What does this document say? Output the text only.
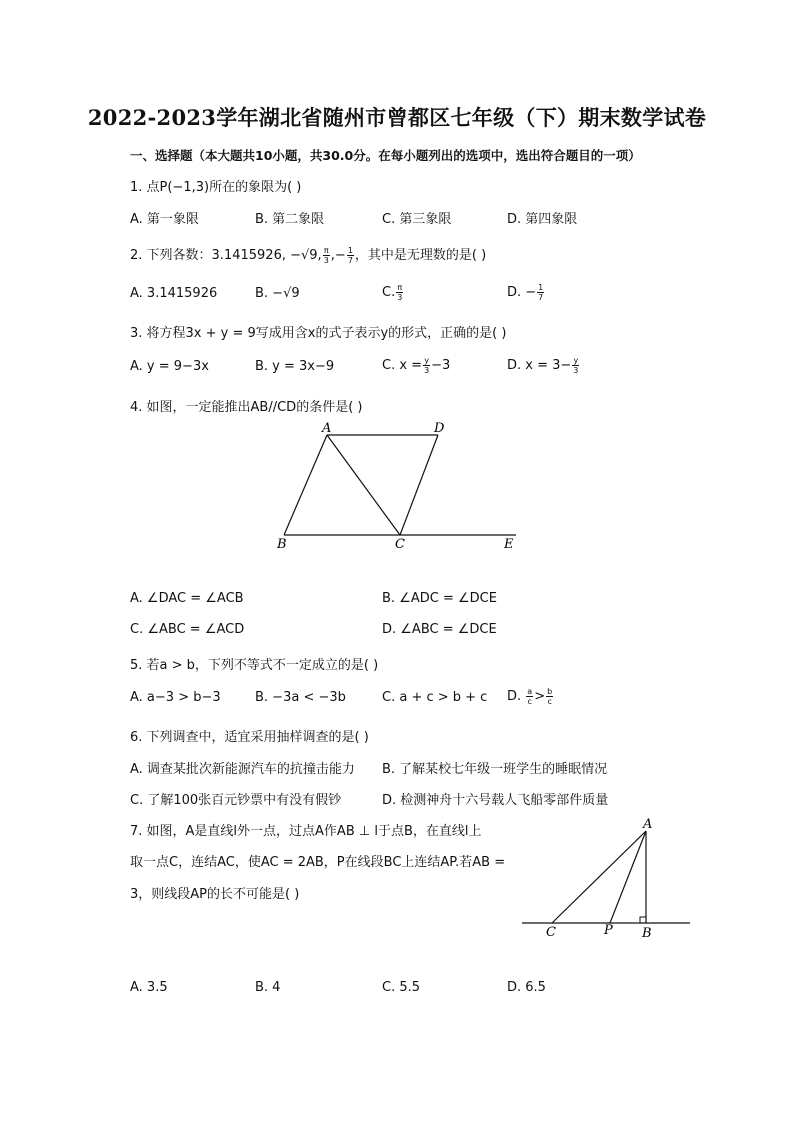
2022-2023学年湖北省随州市曾都区七年级（下）期末数学试卷
一、选择题（本大题共10小题，共30.0分。在每小题列出的选项中，选出符合题目的一项）
1. 点P(−1,3)所在的象限为( )
A. 第一象限	B. 第二象限	C. 第三象限	D. 第四象限
2. 下列各数：3.1415926, −√9, $\frac{\pi}{3}$ ,− $\frac{1}{7}$ ，其中是无理数的是( )
A. 3.1415926	B. −√9	C. $\frac{\pi}{3}$	D. − $\frac{1}{7}$
3. 将方程3x + y = 9写成用含x的式子表示y的形式，正确的是( )
A. y = 9−3x	B. y = 3x−9	C. $x = \frac{y}{3} -3$	D. $x = 3- \frac{y}{3}$
4. 如图，一定能推出AB//CD的条件是( )
A	D
B	C	E
A. ∠DAC = ∠ACB	B. ∠ADC = ∠DCE
C. ∠ABC = ∠ACD	D. ∠ABC = ∠DCE
5. 若a > b，下列不等式不一定成立的是( )
A. a−3 > b−3	B. −3a < −3b	C. a + c > b + c D. $\frac{a}{c} > \frac{b}{c}$
6. 下列调查中，适宜采用抽样调查的是( )
A. 调查某批次新能源汽车的抗撞击能力 B. 了解某校七年级一班学生的睡眠情况
C. 了解100张百元钞票中有没有假钞	D. 检测神舟十六号载人飞船零部件质量
7. 如图，A是直线l外一点，过点A作AB ⊥ l于点B，在直线l上
取一点C，连结AC，使AC = 2AB，P在线段BC上连结AP.若AB =
3，则线段AP的长不可能是( )
A
C	P B
A. 3.5	B. 4	C. 5.5	D. 6.5
